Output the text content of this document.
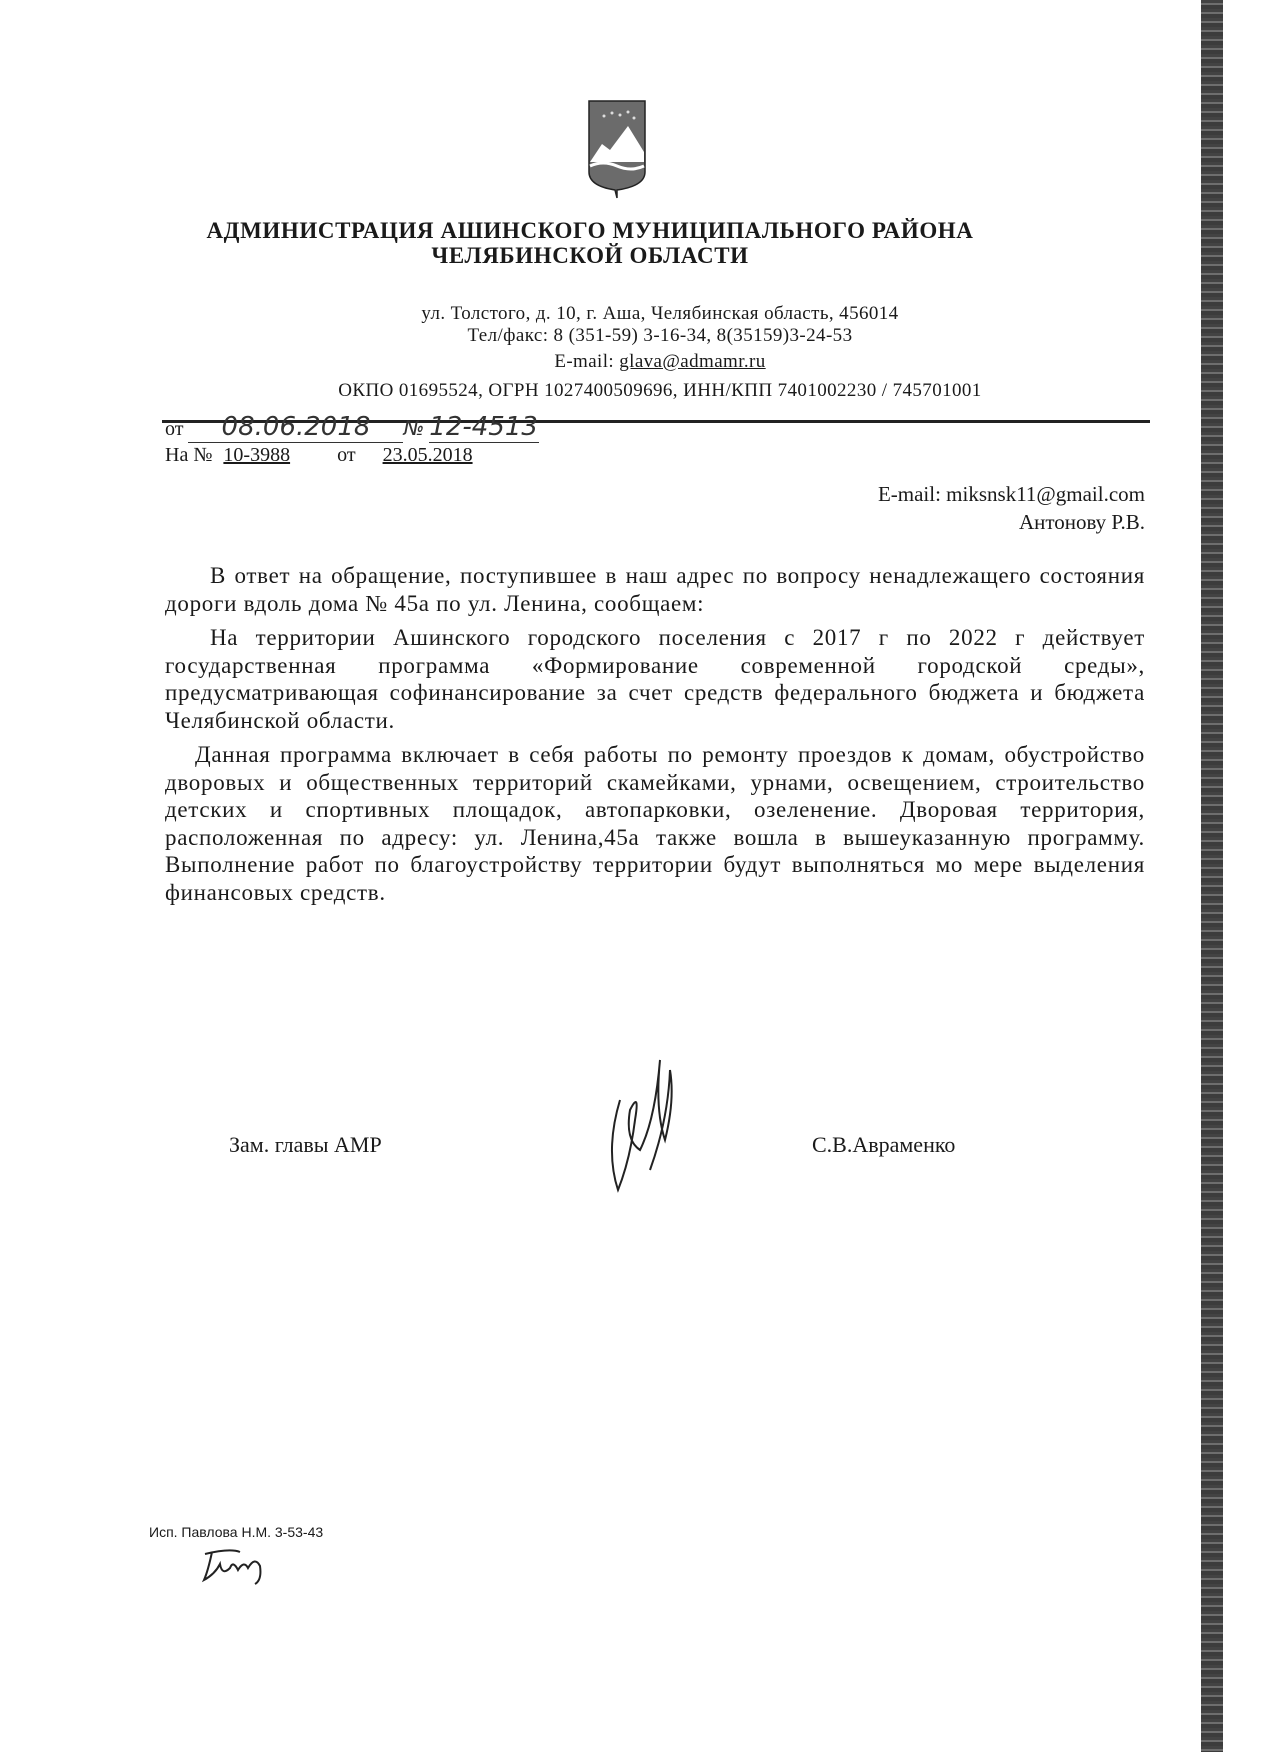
АДМИНИСТРАЦИЯ АШИНСКОГО МУНИЦИПАЛЬНОГО РАЙОНА
ЧЕЛЯБИНСКОЙ ОБЛАСТИ
ул. Толстого, д. 10, г. Аша, Челябинская область, 456014
Тел/факс: 8 (351-59) 3-16-34, 8(35159)3-24-53
E-mail: glava@admamr.ru
ОКПО 01695524, ОГРН 1027400509696, ИНН/КПП 7401002230 / 745701001
от 08.06.2018 № 12-4513
На № 10-3988 от 23.05.2018
E-mail: miksnsk11@gmail.com
Антонову Р.В.

В ответ на обращение, поступившее в наш адрес по вопросу ненадлежащего состояния дороги вдоль дома № 45а по ул. Ленина, сообщаем:

На территории Ашинского городского поселения с 2017 г по 2022 г действует государственная программа «Формирование современной городской среды», предусматривающая софинансирование за счет средств федерального бюджета и бюджета Челябинской области.

Данная программа включает в себя работы по ремонту проездов к домам, обустройство дворовых и общественных территорий скамейками, урнами, освещением, строительство детских и спортивных площадок, автопарковки, озеленение. Дворовая территория, расположенная по адресу: ул. Ленина,45а также вошла в вышеуказанную программу. Выполнение работ по благоустройству территории будут выполняться мо мере выделения финансовых средств.

Зам. главы АМР	С.В.Авраменко
Исп. Павлова Н.М. 3-53-43
